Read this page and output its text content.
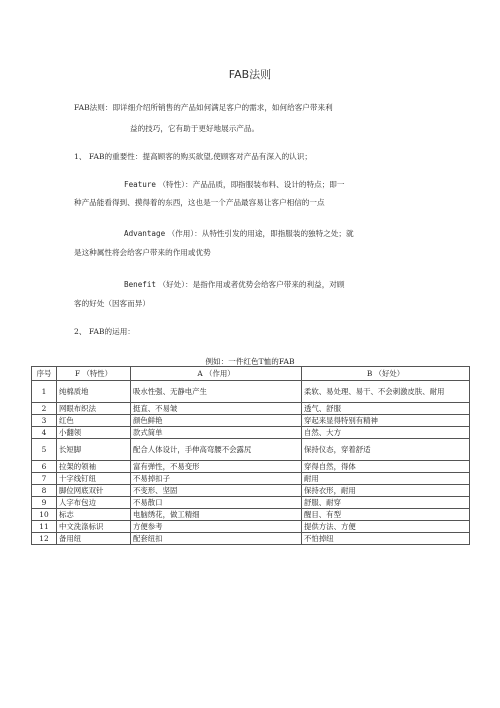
FAB法则
FAB法则：即详细介绍所销售的产品如何满足客户的需求，如何给客户带来利
益的技巧，它有助于更好地展示产品。
1、 FAB的重要性：提高顾客的购买欲望,使顾客对产品有深入的认识；
Feature （特性）：产品品质，即指服装布料、设计的特点；即一
种产品能看得到、摸得着的东西，这也是一个产品最容易让客户相信的一点
Advantage （作用）：从特性引发的用途，即指服装的独特之处；就
是这种属性将会给客户带来的作用或优势
Benefit （好处）：是指作用或者优势会给客户带来的利益，对顾
客的好处（因客而异）
2、 FAB的运用：
例如：一件红色T恤的FAB
序号	F （特性）	A （作用）	B （好处）
1	纯棉质地	吸水性强、无静电产生	柔软、易处理、易干、不会刺激皮肤、耐用
2	网眼布织法	挺直、不易皱	透气、舒服
3	红色	颜色鲜艳	穿起来显得特别有精神
4	小翻领	款式简单	自然、大方
5	长短脚	配合人体设计，手伸高弯腰不会露尻	保持仪态，穿着舒适
6	拉架的领袖	富有弹性，不易变形	穿得自然，得体
7	十字线钉纽	不易掉扣子	耐用
8	脚位网底双针	不变形、坚固	保持衣形，耐用
9	人字布包边	不易散口	舒服、耐穿
10	标志	电脑绣花，做工精细	醒目、有型
11	中文洗涤标识	方便参考	提供方法、方便
12	备用纽	配套纽扣	不怕掉纽
